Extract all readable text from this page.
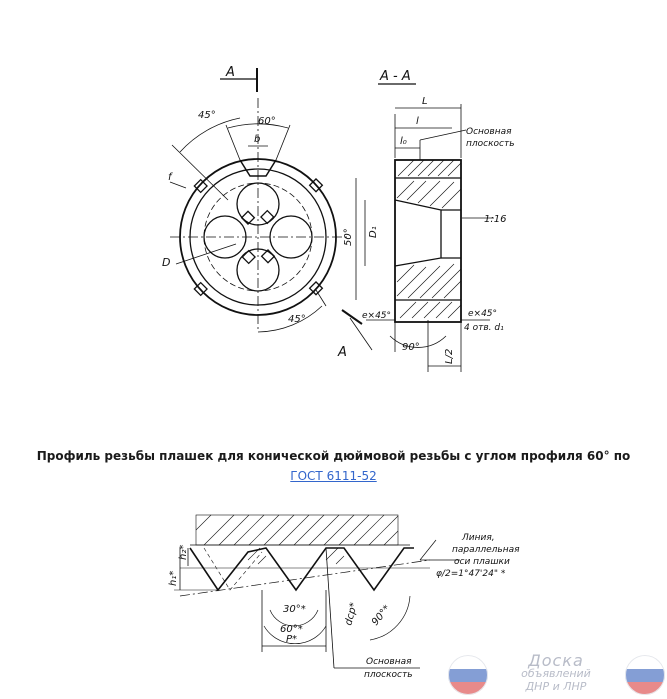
A
A
A - A
45°
60°
b
f
D
45°
L
l
l₀
Основная
плоскость
1:16
50° D₁
e×45°	e×45°
4 отв. d₁
90°
L/2

Профиль резьбы плашек для конической дюймовой резьбы с углом профиля 60° по

ГОСТ 6111-52
h₁*
h₂*
30°*
60°*
P*
dср* 90°*
Линия,
параллельная
оси плашки
φ/2=1°47'24" *
Основная
плоскость
Доска
объявлений
ДНР и ЛНР
